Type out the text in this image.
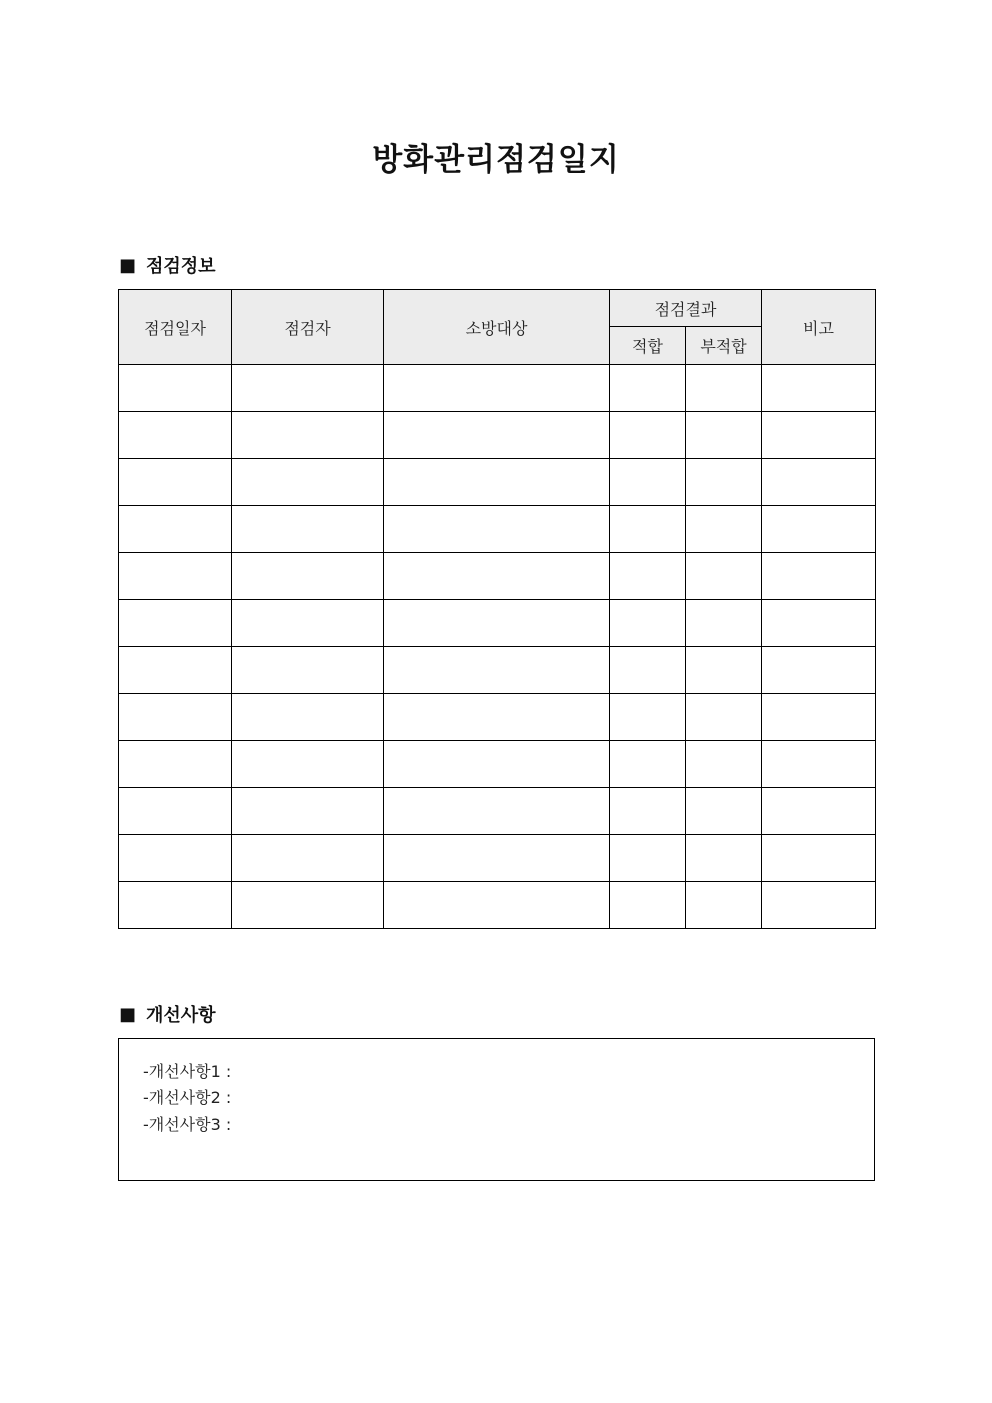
방화관리점검일지
■ 점검정보
점검일자	점검자	소방대상	점검결과		비고
			적합	부적합	

■ 개선사항
-개선사항1 :
-개선사항2 :
-개선사항3 :
